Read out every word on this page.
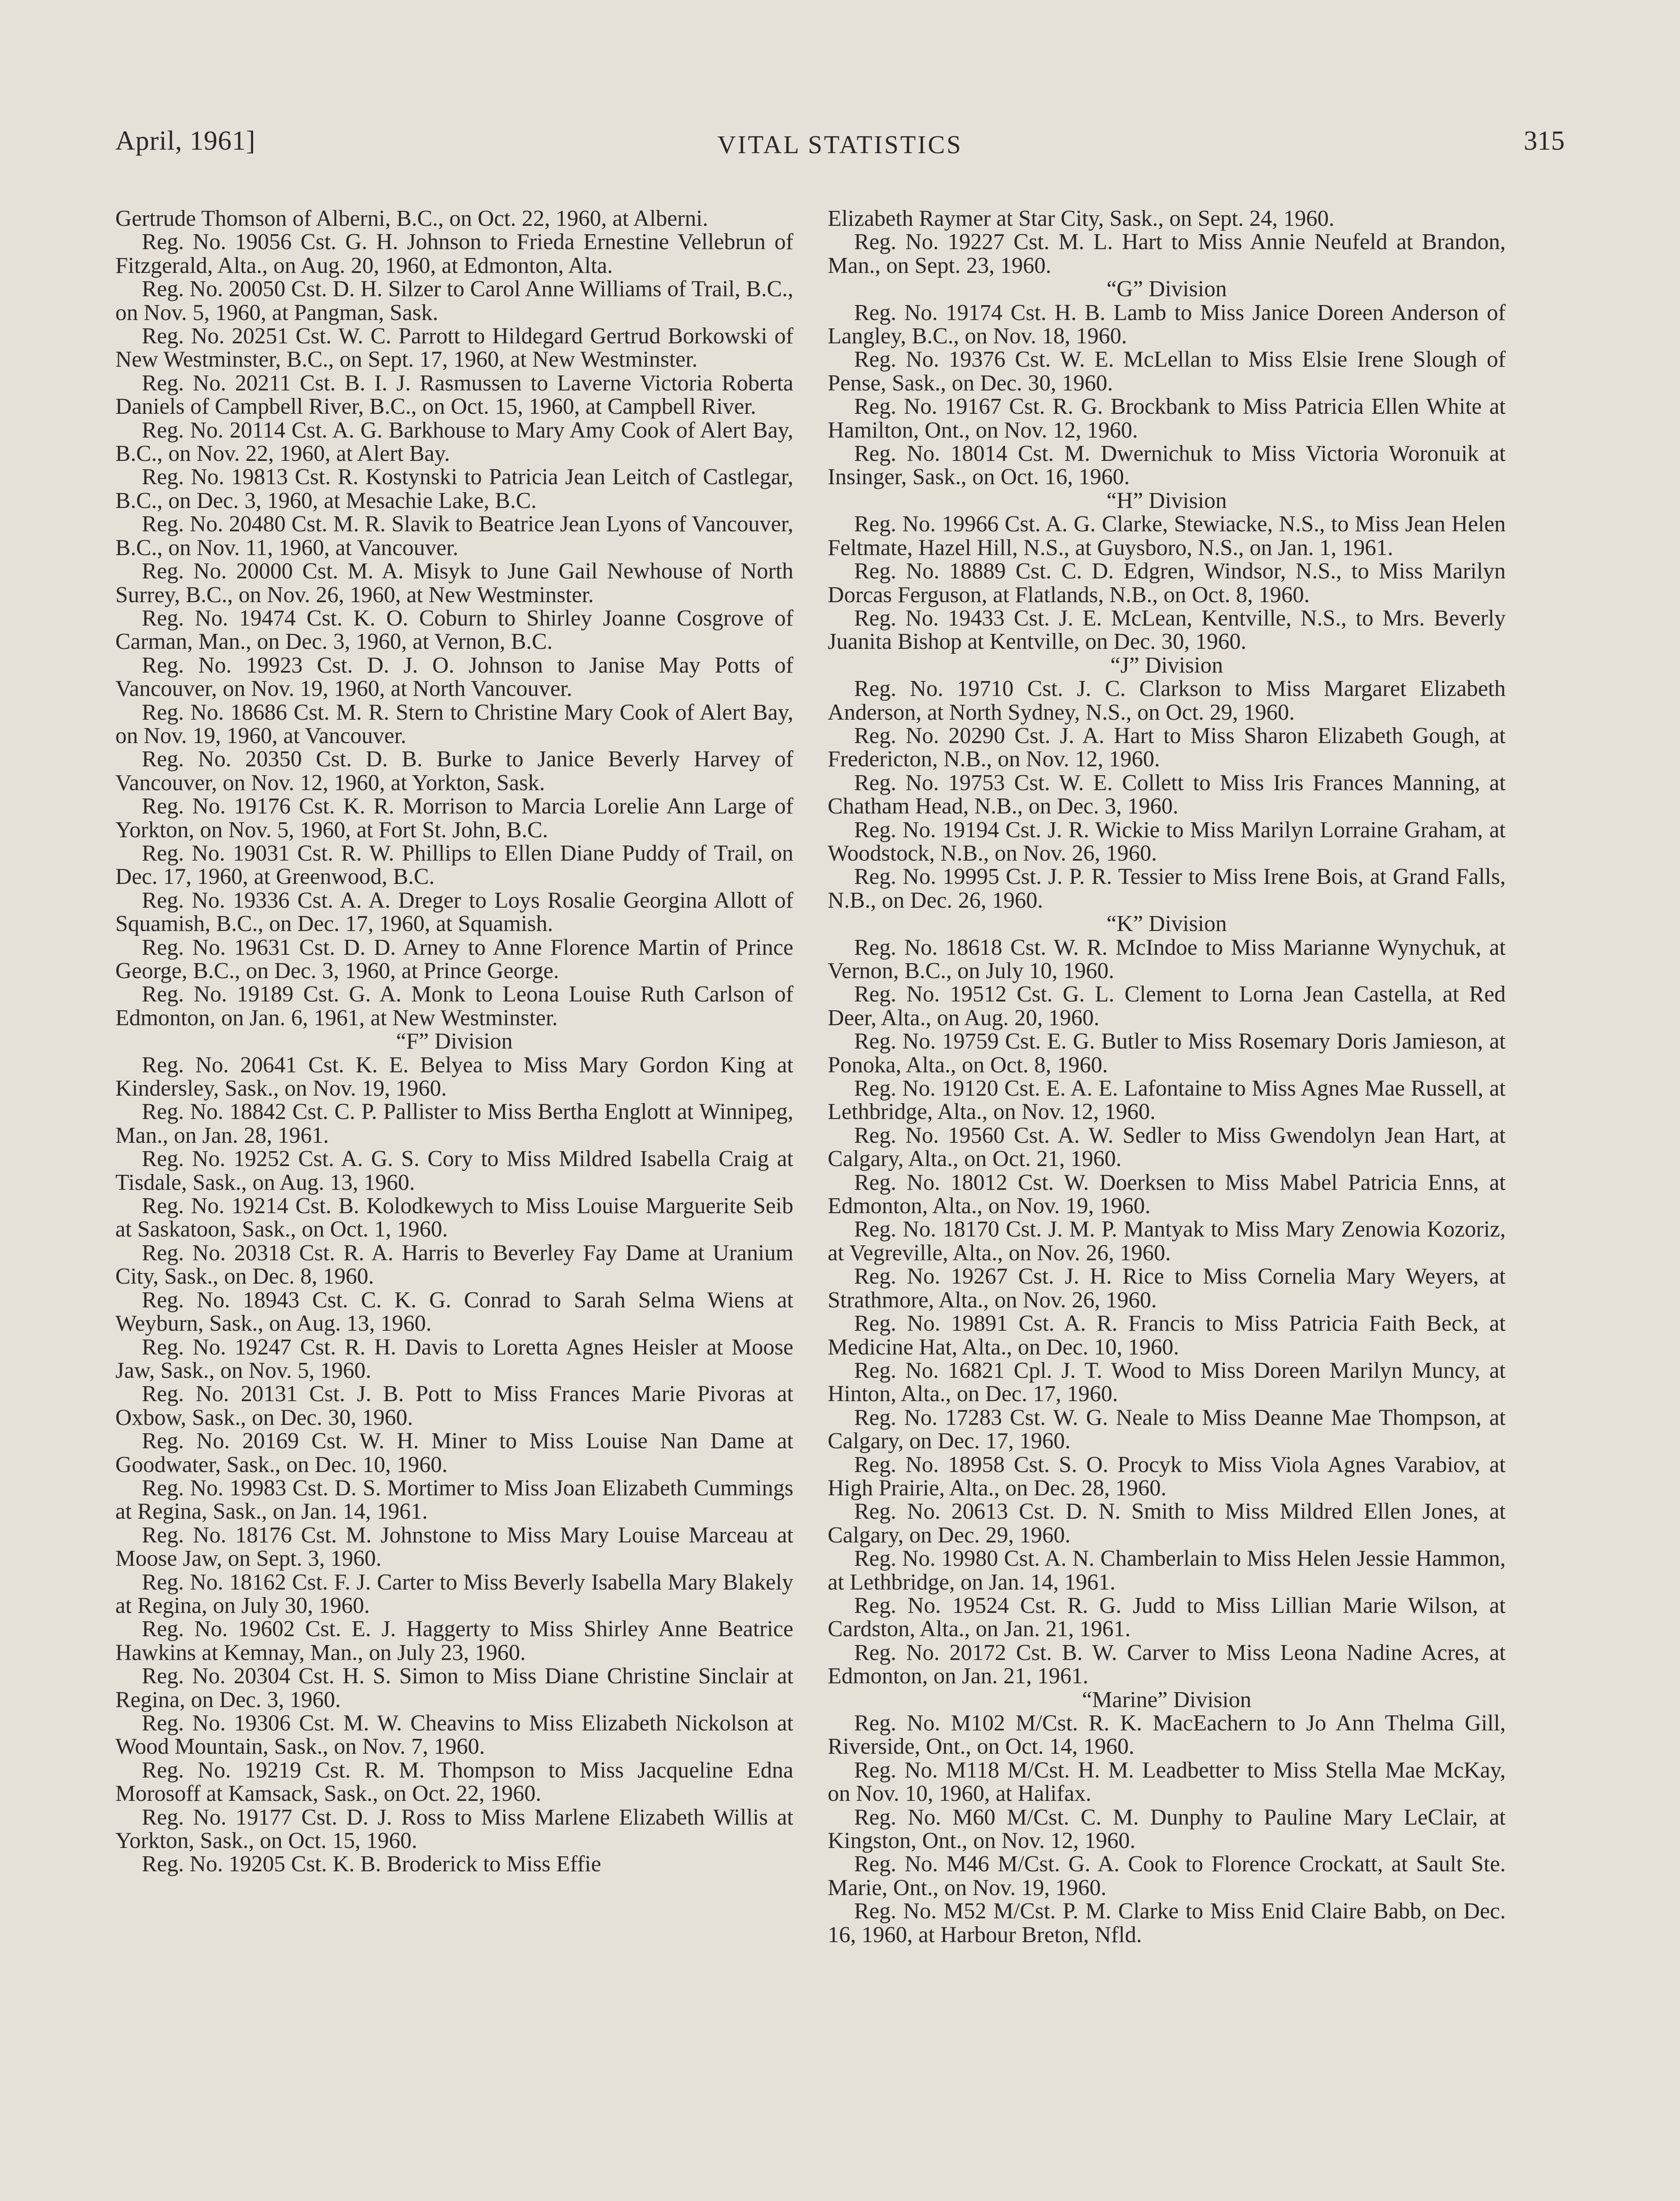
April, 1961]	VITAL STATISTICS	315

Gertrude Thomson of Alberni, B.C., on Oct. 22, 1960, at Alberni.

Reg. No. 19056 Cst. G. H. Johnson to Frieda Ernestine Vellebrun of Fitzgerald, Alta., on Aug. 20, 1960, at Edmonton, Alta.

Reg. No. 20050 Cst. D. H. Silzer to Carol Anne Williams of Trail, B.C., on Nov. 5, 1960, at Pangman, Sask.

Reg. No. 20251 Cst. W. C. Parrott to Hildegard Gertrud Borkowski of New Westminster, B.C., on Sept. 17, 1960, at New Westminster.

Reg. No. 20211 Cst. B. I. J. Rasmussen to Laverne Victoria Roberta Daniels of Campbell River, B.C., on Oct. 15, 1960, at Campbell River.

Reg. No. 20114 Cst. A. G. Barkhouse to Mary Amy Cook of Alert Bay, B.C., on Nov. 22, 1960, at Alert Bay.

Reg. No. 19813 Cst. R. Kostynski to Patricia Jean Leitch of Castlegar, B.C., on Dec. 3, 1960, at Mesachie Lake, B.C.

Reg. No. 20480 Cst. M. R. Slavik to Beatrice Jean Lyons of Vancouver, B.C., on Nov. 11, 1960, at Vancouver.

Reg. No. 20000 Cst. M. A. Misyk to June Gail Newhouse of North Surrey, B.C., on Nov. 26, 1960, at New Westminster.

Reg. No. 19474 Cst. K. O. Coburn to Shirley Joanne Cosgrove of Carman, Man., on Dec. 3, 1960, at Vernon, B.C.

Reg. No. 19923 Cst. D. J. O. Johnson to Janise May Potts of Vancouver, on Nov. 19, 1960, at North Vancouver.

Reg. No. 18686 Cst. M. R. Stern to Christine Mary Cook of Alert Bay, on Nov. 19, 1960, at Vancouver.

Reg. No. 20350 Cst. D. B. Burke to Janice Beverly Harvey of Vancouver, on Nov. 12, 1960, at Yorkton, Sask.

Reg. No. 19176 Cst. K. R. Morrison to Marcia Lorelie Ann Large of Yorkton, on Nov. 5, 1960, at Fort St. John, B.C.

Reg. No. 19031 Cst. R. W. Phillips to Ellen Diane Puddy of Trail, on Dec. 17, 1960, at Greenwood, B.C.

Reg. No. 19336 Cst. A. A. Dreger to Loys Rosalie Georgina Allott of Squamish, B.C., on Dec. 17, 1960, at Squamish.

Reg. No. 19631 Cst. D. D. Arney to Anne Florence Martin of Prince George, B.C., on Dec. 3, 1960, at Prince George.

Reg. No. 19189 Cst. G. A. Monk to Leona Louise Ruth Carlson of Edmonton, on Jan. 6, 1961, at New Westminster.

“F” Division

Reg. No. 20641 Cst. K. E. Belyea to Miss Mary Gordon King at Kindersley, Sask., on Nov. 19, 1960.

Reg. No. 18842 Cst. C. P. Pallister to Miss Bertha Englott at Winnipeg, Man., on Jan. 28, 1961.

Reg. No. 19252 Cst. A. G. S. Cory to Miss Mildred Isabella Craig at Tisdale, Sask., on Aug. 13, 1960.

Reg. No. 19214 Cst. B. Kolodkewych to Miss Louise Marguerite Seib at Saskatoon, Sask., on Oct. 1, 1960.

Reg. No. 20318 Cst. R. A. Harris to Beverley Fay Dame at Uranium City, Sask., on Dec. 8, 1960.

Reg. No. 18943 Cst. C. K. G. Conrad to Sarah Selma Wiens at Weyburn, Sask., on Aug. 13, 1960.

Reg. No. 19247 Cst. R. H. Davis to Loretta Agnes Heisler at Moose Jaw, Sask., on Nov. 5, 1960.

Reg. No. 20131 Cst. J. B. Pott to Miss Frances Marie Pivoras at Oxbow, Sask., on Dec. 30, 1960.

Reg. No. 20169 Cst. W. H. Miner to Miss Louise Nan Dame at Goodwater, Sask., on Dec. 10, 1960.

Reg. No. 19983 Cst. D. S. Mortimer to Miss Joan Elizabeth Cummings at Regina, Sask., on Jan. 14, 1961.

Reg. No. 18176 Cst. M. Johnstone to Miss Mary Louise Marceau at Moose Jaw, on Sept. 3, 1960.

Reg. No. 18162 Cst. F. J. Carter to Miss Beverly Isabella Mary Blakely at Regina, on July 30, 1960.

Reg. No. 19602 Cst. E. J. Haggerty to Miss Shirley Anne Beatrice Hawkins at Kemnay, Man., on July 23, 1960.

Reg. No. 20304 Cst. H. S. Simon to Miss Diane Christine Sinclair at Regina, on Dec. 3, 1960.

Reg. No. 19306 Cst. M. W. Cheavins to Miss Elizabeth Nickolson at Wood Mountain, Sask., on Nov. 7, 1960.

Reg. No. 19219 Cst. R. M. Thompson to Miss Jacqueline Edna Morosoff at Kamsack, Sask., on Oct. 22, 1960.

Reg. No. 19177 Cst. D. J. Ross to Miss Marlene Elizabeth Willis at Yorkton, Sask., on Oct. 15, 1960.

Reg. No. 19205 Cst. K. B. Broderick to Miss Effie

Elizabeth Raymer at Star City, Sask., on Sept. 24, 1960.

Reg. No. 19227 Cst. M. L. Hart to Miss Annie Neufeld at Brandon, Man., on Sept. 23, 1960.

“G” Division

Reg. No. 19174 Cst. H. B. Lamb to Miss Janice Doreen Anderson of Langley, B.C., on Nov. 18, 1960.

Reg. No. 19376 Cst. W. E. McLellan to Miss Elsie Irene Slough of Pense, Sask., on Dec. 30, 1960.

Reg. No. 19167 Cst. R. G. Brockbank to Miss Patricia Ellen White at Hamilton, Ont., on Nov. 12, 1960.

Reg. No. 18014 Cst. M. Dwernichuk to Miss Victoria Woronuik at Insinger, Sask., on Oct. 16, 1960.

“H” Division

Reg. No. 19966 Cst. A. G. Clarke, Stewiacke, N.S., to Miss Jean Helen Feltmate, Hazel Hill, N.S., at Guysboro, N.S., on Jan. 1, 1961.

Reg. No. 18889 Cst. C. D. Edgren, Windsor, N.S., to Miss Marilyn Dorcas Ferguson, at Flatlands, N.B., on Oct. 8, 1960.

Reg. No. 19433 Cst. J. E. McLean, Kentville, N.S., to Mrs. Beverly Juanita Bishop at Kentville, on Dec. 30, 1960.

“J” Division

Reg. No. 19710 Cst. J. C. Clarkson to Miss Margaret Elizabeth Anderson, at North Sydney, N.S., on Oct. 29, 1960.

Reg. No. 20290 Cst. J. A. Hart to Miss Sharon Elizabeth Gough, at Fredericton, N.B., on Nov. 12, 1960.

Reg. No. 19753 Cst. W. E. Collett to Miss Iris Frances Manning, at Chatham Head, N.B., on Dec. 3, 1960.

Reg. No. 19194 Cst. J. R. Wickie to Miss Marilyn Lorraine Graham, at Woodstock, N.B., on Nov. 26, 1960.

Reg. No. 19995 Cst. J. P. R. Tessier to Miss Irene Bois, at Grand Falls, N.B., on Dec. 26, 1960.

“K” Division

Reg. No. 18618 Cst. W. R. McIndoe to Miss Marianne Wynychuk, at Vernon, B.C., on July 10, 1960.

Reg. No. 19512 Cst. G. L. Clement to Lorna Jean Castella, at Red Deer, Alta., on Aug. 20, 1960.

Reg. No. 19759 Cst. E. G. Butler to Miss Rosemary Doris Jamieson, at Ponoka, Alta., on Oct. 8, 1960.

Reg. No. 19120 Cst. E. A. E. Lafontaine to Miss Agnes Mae Russell, at Lethbridge, Alta., on Nov. 12, 1960.

Reg. No. 19560 Cst. A. W. Sedler to Miss Gwendolyn Jean Hart, at Calgary, Alta., on Oct. 21, 1960.

Reg. No. 18012 Cst. W. Doerksen to Miss Mabel Patricia Enns, at Edmonton, Alta., on Nov. 19, 1960.

Reg. No. 18170 Cst. J. M. P. Mantyak to Miss Mary Zenowia Kozoriz, at Vegreville, Alta., on Nov. 26, 1960.

Reg. No. 19267 Cst. J. H. Rice to Miss Cornelia Mary Weyers, at Strathmore, Alta., on Nov. 26, 1960.

Reg. No. 19891 Cst. A. R. Francis to Miss Patricia Faith Beck, at Medicine Hat, Alta., on Dec. 10, 1960.

Reg. No. 16821 Cpl. J. T. Wood to Miss Doreen Marilyn Muncy, at Hinton, Alta., on Dec. 17, 1960.

Reg. No. 17283 Cst. W. G. Neale to Miss Deanne Mae Thompson, at Calgary, on Dec. 17, 1960.

Reg. No. 18958 Cst. S. O. Procyk to Miss Viola Agnes Varabiov, at High Prairie, Alta., on Dec. 28, 1960.

Reg. No. 20613 Cst. D. N. Smith to Miss Mildred Ellen Jones, at Calgary, on Dec. 29, 1960.

Reg. No. 19980 Cst. A. N. Chamberlain to Miss Helen Jessie Hammon, at Lethbridge, on Jan. 14, 1961.

Reg. No. 19524 Cst. R. G. Judd to Miss Lillian Marie Wilson, at Cardston, Alta., on Jan. 21, 1961.

Reg. No. 20172 Cst. B. W. Carver to Miss Leona Nadine Acres, at Edmonton, on Jan. 21, 1961.

“Marine” Division

Reg. No. M102 M/Cst. R. K. MacEachern to Jo Ann Thelma Gill, Riverside, Ont., on Oct. 14, 1960.

Reg. No. M118 M/Cst. H. M. Leadbetter to Miss Stella Mae McKay, on Nov. 10, 1960, at Halifax.

Reg. No. M60 M/Cst. C. M. Dunphy to Pauline Mary LeClair, at Kingston, Ont., on Nov. 12, 1960.

Reg. No. M46 M/Cst. G. A. Cook to Florence Crockatt, at Sault Ste. Marie, Ont., on Nov. 19, 1960.

Reg. No. M52 M/Cst. P. M. Clarke to Miss Enid Claire Babb, on Dec. 16, 1960, at Harbour Breton, Nfld.
